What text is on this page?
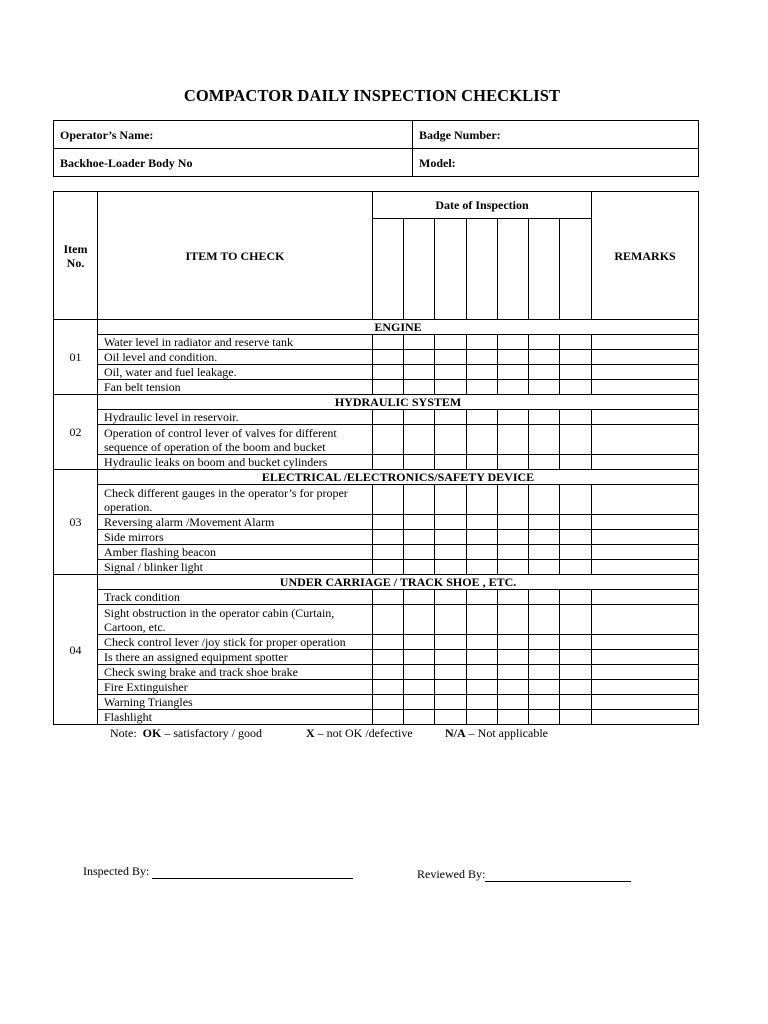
COMPACTOR DAILY INSPECTION CHECKLIST
Operator’s Name:	Badge Number:
Backhoe-Loader Body No	Model:
Item No.	ITEM TO CHECK	Date of Inspection							REMARKS

01	ENGINE								
	Water level in radiator and reserve tank								
	Oil level and condition.								
	Oil, water and fuel leakage.								
	Fan belt tension								
02	HYDRAULIC SYSTEM								
	Hydraulic level in reservoir.								
	Operation of control lever of valves for different sequence of operation of the boom and bucket								
	Hydraulic leaks on boom and bucket cylinders								
03	ELECTRICAL /ELECTRONICS/SAFETY DEVICE								
	Check different gauges in the operator’s for proper operation.								
	Reversing alarm /Movement Alarm								
	Side mirrors								
	Amber flashing beacon								
	Signal / blinker light								
04	UNDER CARRIAGE / TRACK SHOE , ETC.								
	Track condition								
	Sight obstruction in the operator cabin (Curtain, Cartoon, etc.								
	Check control lever /joy stick for proper operation								
	Is there an assigned equipment spotter								
	Check swing brake and track shoe brake								
	Fire Extinguisher								
	Warning Triangles								
	Flashlight								
Note: OK – satisfactory / good	X – not OK /defective	N/A – Not applicable
Inspected By:	Reviewed By:
